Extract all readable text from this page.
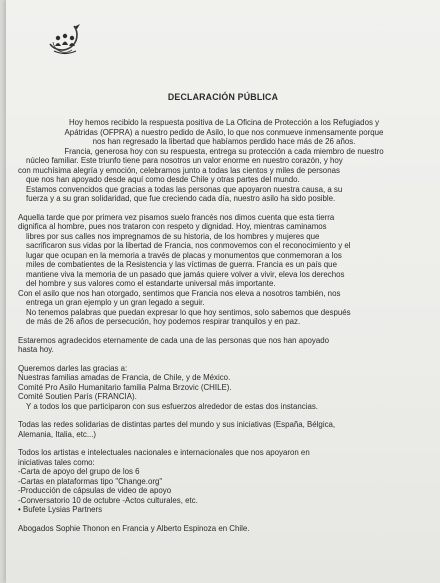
DECLARACIÓN PÚBLICA

Hoy hemos recibido la respuesta positiva de La Oficina de Protección a los Refugiados y

Apátridas (OFPRA) a nuestro pedido de Asilo, lo que nos conmueve inmensamente porque

nos han regresado la libertad que habíamos perdido hace más de 26 años.

Francia, generosa hoy con su respuesta, entrega su protección a cada miembro de nuestro

núcleo familiar. Este triunfo tiene para nosotros un valor enorme en nuestro corazón, y hoy

con muchísima alegría y emoción, celebramos junto a todas las cientos y miles de personas

que nos han apoyado desde aquí como desde Chile y otras partes del mundo.

Estamos convencidos que gracias a todas las personas que apoyaron nuestra causa, a su

fuerza y a su gran solidaridad, que fue creciendo cada día, nuestro asilo ha sido posible.

Aquella tarde que por primera vez pisamos suelo francés nos dimos cuenta que esta tierra

dignifica al hombre, pues nos trataron con respeto y dignidad. Hoy, mientras caminamos

libres por sus calles nos impregnamos de su historia, de los hombres y mujeres que

sacrificaron sus vidas por la libertad de Francia, nos conmovemos con el reconocimiento y el

lugar que ocupan en la memoria a través de placas y monumentos que conmemoran a los

miles de combatientes de la Resistencia y las víctimas de guerra. Francia es un país que

mantiene viva la memoria de un pasado que jamás quiere volver a vivir, eleva los derechos

del hombre y sus valores como el estandarte universal más importante.

Con el asilo que nos han otorgado, sentimos que Francia nos eleva a nosotros también, nos

entrega un gran ejemplo y un gran legado a seguir.

No tenemos palabras que puedan expresar lo que hoy sentimos, solo sabemos que después

de más de 26 años de persecución, hoy podemos respirar tranquilos y en paz.

Estaremos agradecidos eternamente de cada una de las personas que nos han apoyado

hasta hoy.

Queremos darles las gracias a:

Nuestras familias amadas de Francia, de Chile, y de México.

Comité Pro Asilo Humanitario familia Palma Brzovic (CHILE).

Comité Soutien París (FRANCIA).

Y a todos los que participaron con sus esfuerzos alrededor de estas dos instancias.

Todas las redes solidarias de distintas partes del mundo y sus iniciativas (España, Bélgica,

Alemania, Italia, etc...)

Todos los artistas e intelectuales nacionales e internacionales que nos apoyaron en

iniciativas tales como:

-Carta de apoyo del grupo de los 6

-Cartas en plataformas tipo "Change.org"

-Producción de cápsulas de video de apoyo

-Conversatorio 10 de octubre -Actos culturales, etc.

• Bufete Lysias Partners

Abogados Sophie Thonon en Francia y Alberto Espinoza en Chile.
